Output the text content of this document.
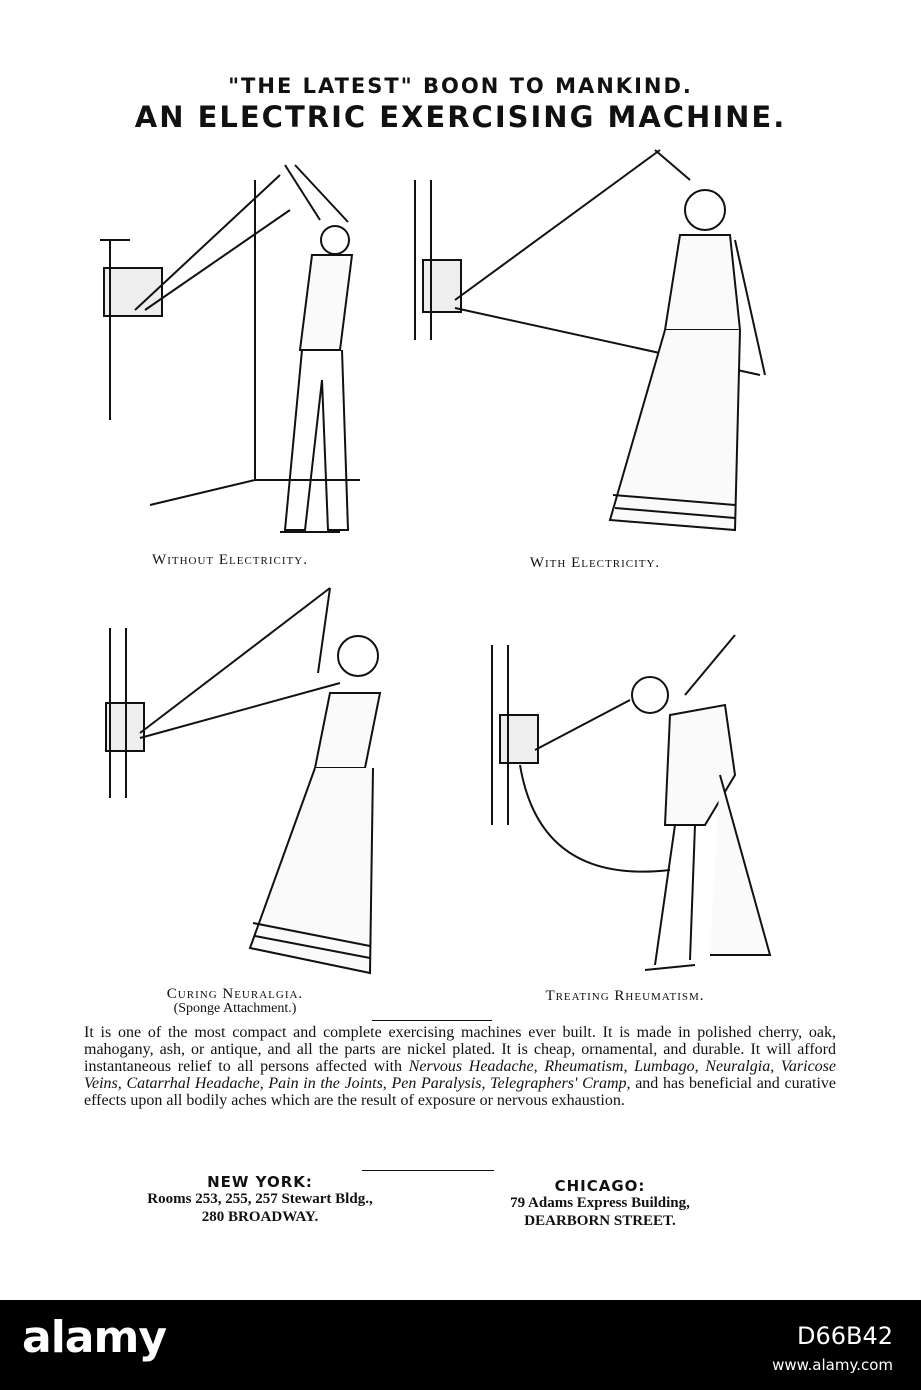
"THE LATEST" BOON TO MANKIND.
AN ELECTRIC EXERCISING MACHINE.
Without Electricity.	With Electricity.
Curing Neuralgia.
(Sponge Attachment.)
Treating Rheumatism.
It is one of the most compact and complete exercising machines ever built. It is made in polished cherry, oak, mahogany, ash, or antique, and all the parts are nickel plated. It is cheap, ornamental, and durable. It will afford instantaneous relief to all persons affected with Nervous Headache, Rheumatism, Lumbago, Neuralgia, Varicose Veins, Catarrhal Headache, Pain in the Joints, Pen Paralysis, Telegraphers' Cramp, and has beneficial and curative effects upon all bodily aches which are the result of exposure or nervous exhaustion.
NEW YORK:
Rooms 253, 255, 257 Stewart Bldg.,
280 BROADWAY.
CHICAGO:
79 Adams Express Building,
DEARBORN STREET.
alamy	D66B42
www.alamy.com
